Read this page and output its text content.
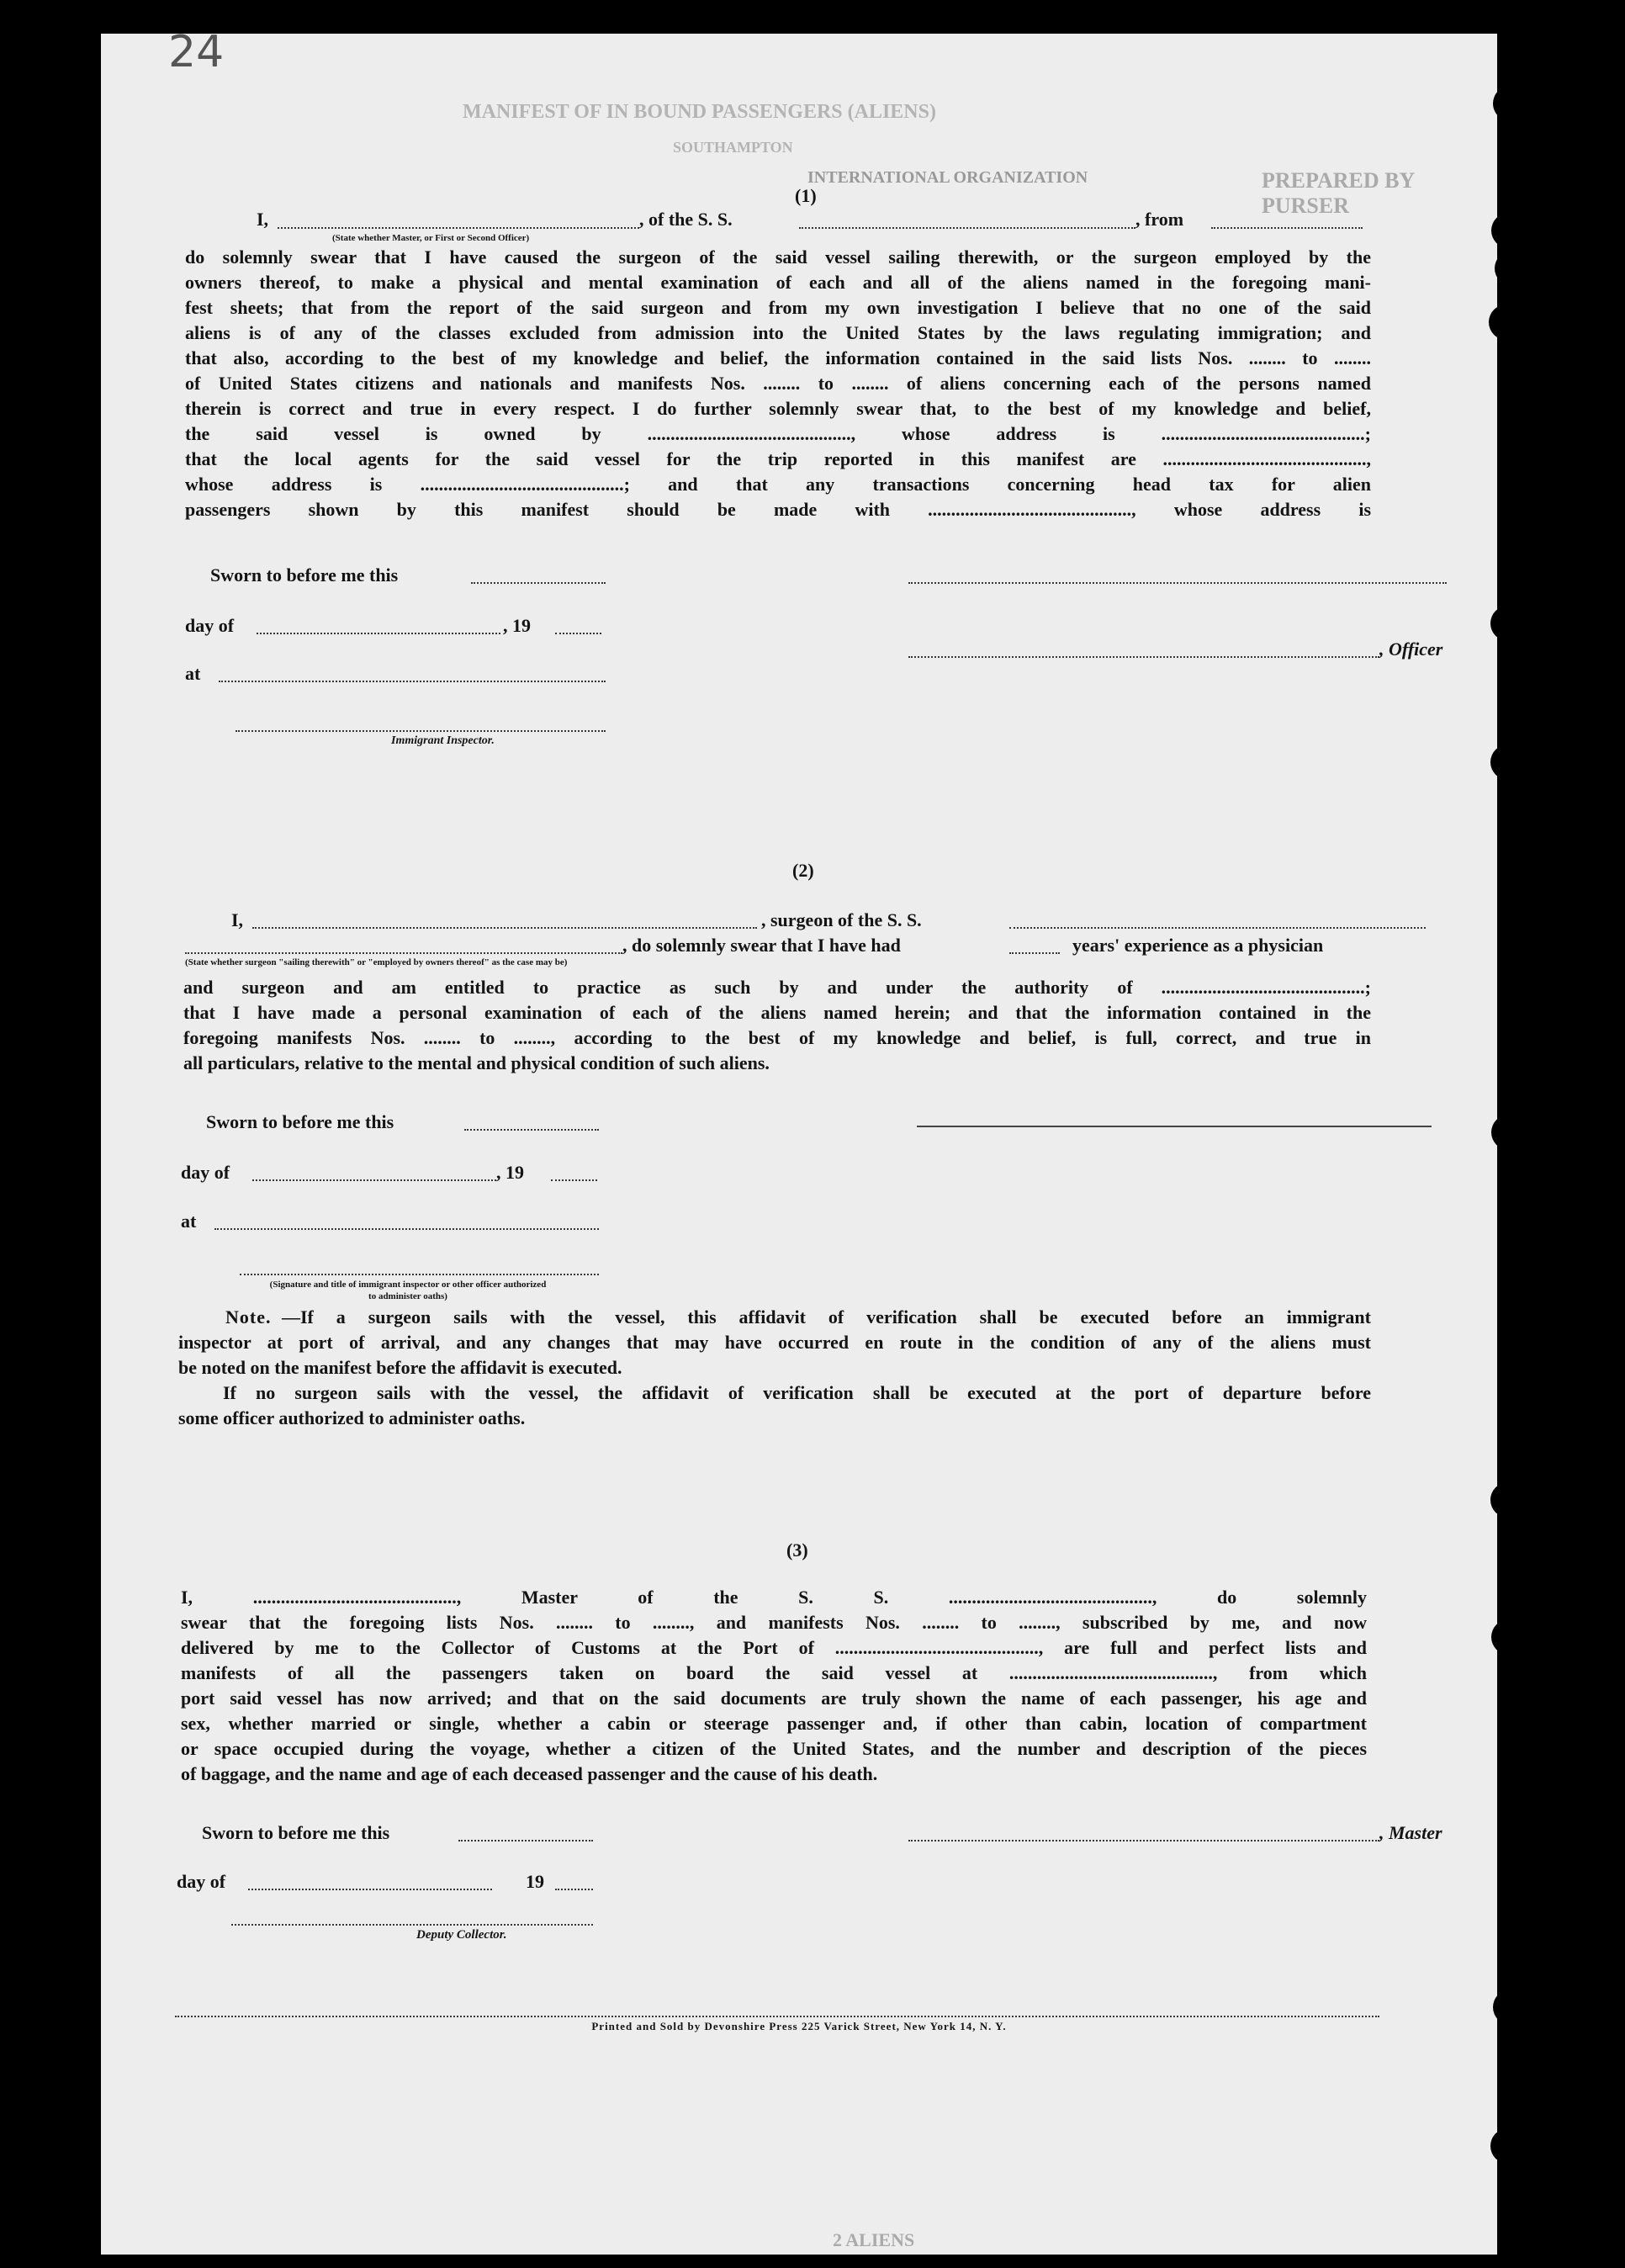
24
MANIFEST OF IN BOUND PASSENGERS (ALIENS)
SOUTHAMPTON
INTERNATIONAL ORGANIZATION	PREPARED BY PURSER
(1)
I,	, of the S. S.	, from
(State whether Master, or First or Second Officer)
do solemnly swear that I have caused the surgeon of the said vessel sailing therewith, or the surgeon employed by the
owners thereof, to make a physical and mental examination of each and all of the aliens named in the foregoing mani-
fest sheets; that from the report of the said surgeon and from my own investigation I believe that no one of the said
aliens is of any of the classes excluded from admission into the United States by the laws regulating immigration; and
that also, according to the best of my knowledge and belief, the information contained in the said lists Nos. ........ to ........
of United States citizens and nationals and manifests Nos. ........ to ........ of aliens concerning each of the persons named
therein is correct and true in every respect. I do further solemnly swear that, to the best of my knowledge and belief,
the said vessel is owned by ............................................, whose address is ............................................;
that the local agents for the said vessel for the trip reported in this manifest are ............................................,
whose address is ............................................; and that any transactions concerning head tax for alien
passengers shown by this manifest should be made with ............................................, whose address is
Sworn to before me this
day of	, 19
, Officer
at
Immigrant Inspector.
(2)
I,	, surgeon of the S. S.
, do solemnly swear that I have had	years' experience as a physician
(State whether surgeon "sailing therewith" or "employed by owners thereof" as the case may be)
and surgeon and am entitled to practice as such by and under the authority of ............................................;
that I have made a personal examination of each of the aliens named herein; and that the information contained in the
foregoing manifests Nos. ........ to ........, according to the best of my knowledge and belief, is full, correct, and true in
all particulars, relative to the mental and physical condition of such aliens.
Sworn to before me this
day of	, 19
at
(Signature and title of immigrant inspector or other officer authorized to administer oaths)
Note. —If a surgeon sails with the vessel, this affidavit of verification shall be executed before an immigrant
inspector at port of arrival, and any changes that may have occurred en route in the condition of any of the aliens must
be noted on the manifest before the affidavit is executed.
If no surgeon sails with the vessel, the affidavit of verification shall be executed at the port of departure before
some officer authorized to administer oaths.
(3)
I, ............................................, Master of the S. S. ............................................, do solemnly
swear that the foregoing lists Nos. ........ to ........, and manifests Nos. ........ to ........, subscribed by me, and now
delivered by me to the Collector of Customs at the Port of ............................................, are full and perfect lists and
manifests of all the passengers taken on board the said vessel at ............................................, from which
port said vessel has now arrived; and that on the said documents are truly shown the name of each passenger, his age and
sex, whether married or single, whether a cabin or steerage passenger and, if other than cabin, location of compartment
or space occupied during the voyage, whether a citizen of the United States, and the number and description of the pieces
of baggage, and the name and age of each deceased passenger and the cause of his death.
Sworn to before me this	, Master
day of	19
Deputy Collector.
Printed and Sold by Devonshire Press 225 Varick Street, New York 14, N. Y.
2 ALIENS
